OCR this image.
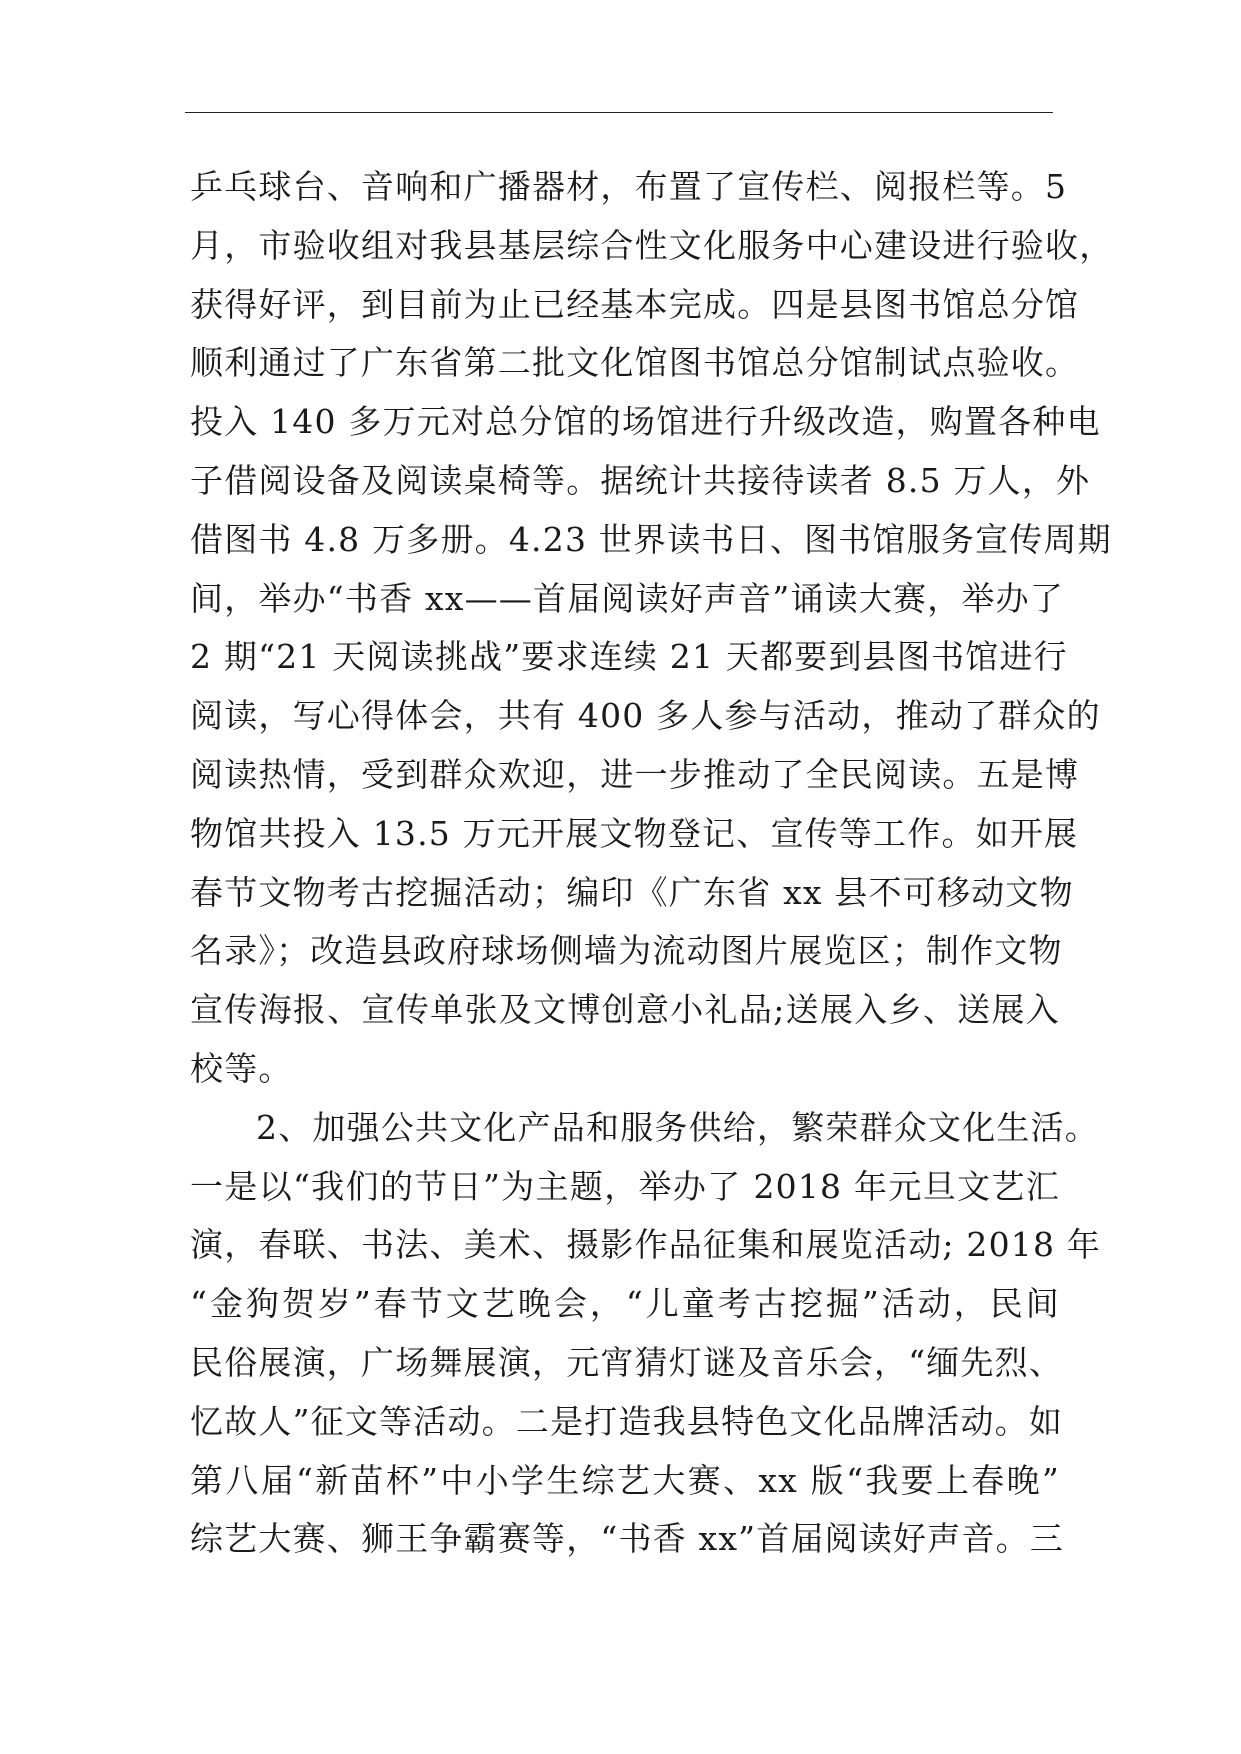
乒乓球台、音响和广播器材，布置了宣传栏、阅报栏等。5
月，市验收组对我县基层综合性文化服务中心建设进行验收，
获得好评，到目前为止已经基本完成。四是县图书馆总分馆
顺利通过了广东省第二批文化馆图书馆总分馆制试点验收。
投入 140 多万元对总分馆的场馆进行升级改造，购置各种电
子借阅设备及阅读桌椅等。据统计共接待读者 8.5 万人，外
借图书 4.8 万多册。4.23 世界读书日、图书馆服务宣传周期
间，举办“书香 xx——首届阅读好声音”诵读大赛，举办了
2 期“21 天阅读挑战”要求连续 21 天都要到县图书馆进行
阅读，写心得体会，共有 400 多人参与活动，推动了群众的
阅读热情，受到群众欢迎，进一步推动了全民阅读。五是博
物馆共投入 13.5 万元开展文物登记、宣传等工作。如开展
春节文物考古挖掘活动；编印《广东省 xx 县不可移动文物
名录》；改造县政府球场侧墙为流动图片展览区；制作文物
宣传海报、宣传单张及文博创意小礼品;送展入乡、送展入
校等。
2、加强公共文化产品和服务供给，繁荣群众文化生活。
一是以“我们的节日”为主题，举办了 2018 年元旦文艺汇
演，春联、书法、美术、摄影作品征集和展览活动; 2018 年
“金狗贺岁”春节文艺晚会，“儿童考古挖掘”活动，民间
民俗展演，广场舞展演，元宵猜灯谜及音乐会，“缅先烈、
忆故人”征文等活动。二是打造我县特色文化品牌活动。如
第八届“新苗杯”中小学生综艺大赛、xx 版“我要上春晚”
综艺大赛、狮王争霸赛等，“书香 xx”首届阅读好声音。三
